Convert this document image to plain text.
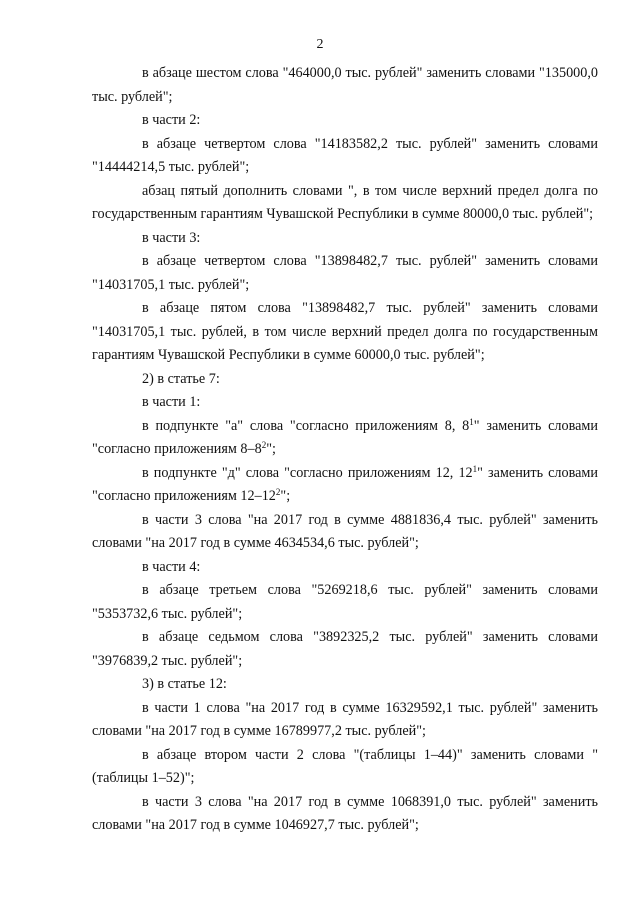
2

в абзаце шестом слова "464000,0 тыс. рублей" заменить словами "135000,0 тыс. рублей";

в части 2:

в абзаце четвертом слова "14183582,2 тыс. рублей" заменить словами "14444214,5 тыс. рублей";

абзац пятый дополнить словами ", в том числе верхний предел долга по государственным гарантиям Чувашской Республики в сумме 80000,0 тыс. рублей";

в части 3:

в абзаце четвертом слова "13898482,7 тыс. рублей" заменить словами "14031705,1 тыс. рублей";

в абзаце пятом слова "13898482,7 тыс. рублей" заменить словами "14031705,1 тыс. рублей, в том числе верхний предел долга по государственным гарантиям Чувашской Республики в сумме 60000,0 тыс. рублей";

2) в статье 7:

в части 1:

в подпункте "а" слова "согласно приложениям 8, $8^1$" заменить словами "согласно приложениям $8-8^2$";

в подпункте "д" слова "согласно приложениям 12, $12^1$" заменить словами "согласно приложениям $12-12^2$";

в части 3 слова "на 2017 год в сумме 4881836,4 тыс. рублей" заменить словами "на 2017 год в сумме 4634534,6 тыс. рублей";

в части 4:

в абзаце третьем слова "5269218,6 тыс. рублей" заменить словами "5353732,6 тыс. рублей";

в абзаце седьмом слова "3892325,2 тыс. рублей" заменить словами "3976839,2 тыс. рублей";

3) в статье 12:

в части 1 слова "на 2017 год в сумме 16329592,1 тыс. рублей" заменить словами "на 2017 год в сумме 16789977,2 тыс. рублей";

в абзаце втором части 2 слова "(таблицы 1–44)" заменить словами "(таблицы 1–52)";

в части 3 слова "на 2017 год в сумме 1068391,0 тыс. рублей" заменить словами "на 2017 год в сумме 1046927,7 тыс. рублей";
